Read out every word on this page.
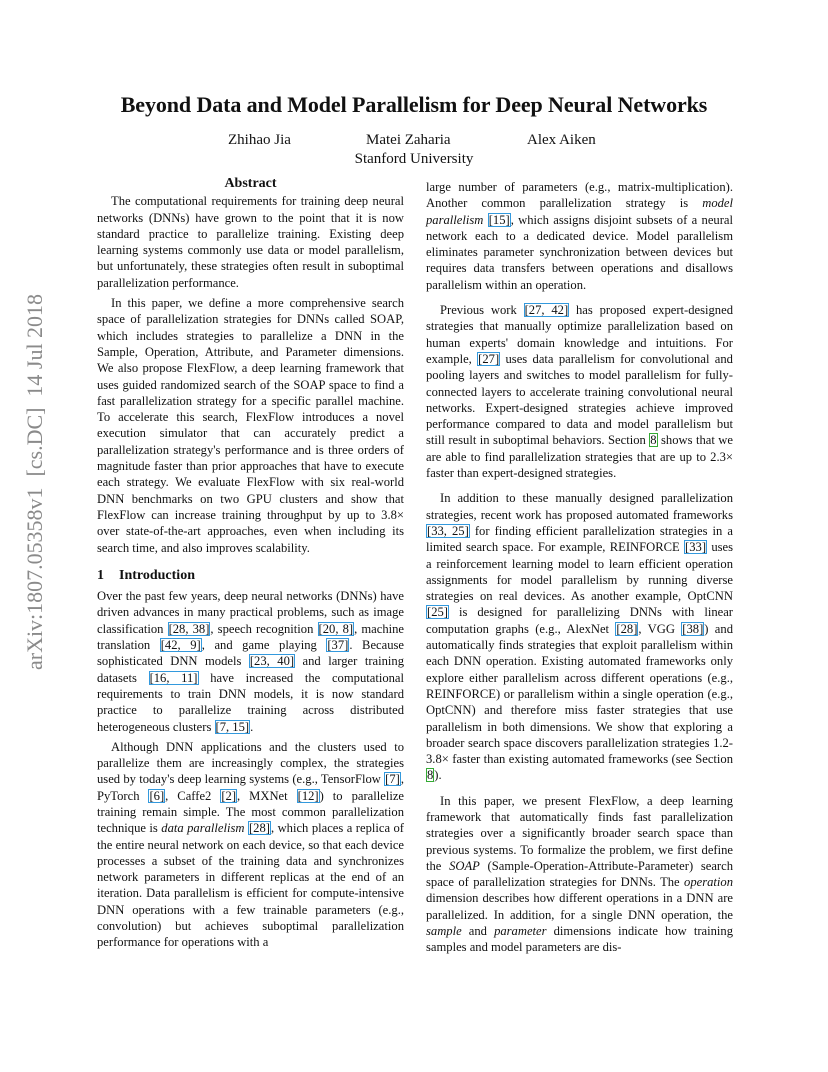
arXiv:1807.05358v1  [cs.DC]  14 Jul 2018
Beyond Data and Model Parallelism for Deep Neural Networks
Zhihao Jia	Matei Zaharia	Alex Aiken
Stanford University
Abstract

The computational requirements for training deep neural networks (DNNs) have grown to the point that it is now standard practice to parallelize training. Existing deep learning systems commonly use data or model parallelism, but unfortunately, these strategies often result in suboptimal parallelization performance.

In this paper, we define a more comprehensive search space of parallelization strategies for DNNs called SOAP, which includes strategies to parallelize a DNN in the Sample, Operation, Attribute, and Parameter dimensions. We also propose FlexFlow, a deep learning framework that uses guided randomized search of the SOAP space to find a fast parallelization strategy for a specific parallel machine. To accelerate this search, FlexFlow introduces a novel execution simulator that can accurately predict a parallelization strategy's performance and is three orders of magnitude faster than prior approaches that have to execute each strategy. We evaluate FlexFlow with six real-world DNN benchmarks on two GPU clusters and show that FlexFlow can increase training throughput by up to 3.8× over state-of-the-art approaches, even when including its search time, and also improves scalability.

1 Introduction

Over the past few years, deep neural networks (DNNs) have driven advances in many practical problems, such as image classification [28, 38], speech recognition [20, 8], machine translation [42, 9], and game playing [37]. Because sophisticated DNN models [23, 40] and larger training datasets [16, 11] have increased the computational requirements to train DNN models, it is now standard practice to parallelize training across distributed heterogeneous clusters [7, 15].

Although DNN applications and the clusters used to parallelize them are increasingly complex, the strategies used by today's deep learning systems (e.g., TensorFlow [7], PyTorch [6], Caffe2 [2], MXNet [12]) to parallelize training remain simple. The most common parallelization technique is data parallelism [28], which places a replica of the entire neural network on each device, so that each device processes a subset of the training data and synchronizes network parameters in different replicas at the end of an iteration. Data parallelism is efficient for compute-intensive DNN operations with a few trainable parameters (e.g., convolution) but achieves suboptimal parallelization performance for operations with a

large number of parameters (e.g., matrix-multiplication). Another common parallelization strategy is model parallelism [15], which assigns disjoint subsets of a neural network each to a dedicated device. Model parallelism eliminates parameter synchronization between devices but requires data transfers between operations and disallows parallelism within an operation.

Previous work [27, 42] has proposed expert-designed strategies that manually optimize parallelization based on human experts' domain knowledge and intuitions. For example, [27] uses data parallelism for convolutional and pooling layers and switches to model parallelism for fully-connected layers to accelerate training convolutional neural networks. Expert-designed strategies achieve improved performance compared to data and model parallelism but still result in suboptimal behaviors. Section 8 shows that we are able to find parallelization strategies that are up to 2.3× faster than expert-designed strategies.

In addition to these manually designed parallelization strategies, recent work has proposed automated frameworks [33, 25] for finding efficient parallelization strategies in a limited search space. For example, REINFORCE [33] uses a reinforcement learning model to learn efficient operation assignments for model parallelism by running diverse strategies on real devices. As another example, OptCNN [25] is designed for parallelizing DNNs with linear computation graphs (e.g., AlexNet [28], VGG [38]) and automatically finds strategies that exploit parallelism within each DNN operation. Existing automated frameworks only explore either parallelism across different operations (e.g., REINFORCE) or parallelism within a single operation (e.g., OptCNN) and therefore miss faster strategies that use parallelism in both dimensions. We show that exploring a broader search space discovers parallelization strategies 1.2-3.8× faster than existing automated frameworks (see Section 8).

In this paper, we present FlexFlow, a deep learning framework that automatically finds fast parallelization strategies over a significantly broader search space than previous systems. To formalize the problem, we first define the SOAP (Sample-Operation-Attribute-Parameter) search space of parallelization strategies for DNNs. The operation dimension describes how different operations in a DNN are parallelized. In addition, for a single DNN operation, the sample and parameter dimensions indicate how training samples and model parameters are dis-
